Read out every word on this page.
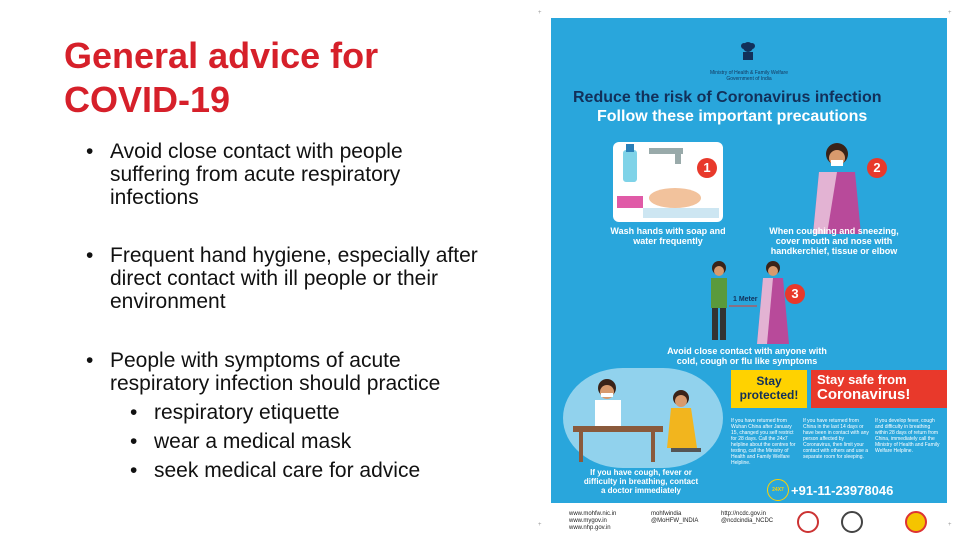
General advice for
COVID-19
• Avoid close contact with people
suffering from acute respiratory
infections
• Frequent hand hygiene, especially after
direct contact with ill people or their
environment
• People with symptoms of acute
respiratory infection should practice
• respiratory etiquette
• wear a medical mask
• seek medical care for advice
+	+
+	+
Ministry of Health & Family Welfare Government of India
Reduce the risk of Coronavirus infection
Follow these important precautions
1
Wash hands with soap and water frequently
2
When coughing and sneezing, cover mouth and nose with handkerchief, tissue or elbow
1 Meter	3
Avoid close contact with anyone with cold, cough or flu like symptoms
If you have cough, fever or difficulty in breathing, contact a doctor immediately
Stay protected!
Stay safe from
Coronavirus!
If you have returned from Wuhan China after January 15, changed you self restrict for 28 days. Call the 24x7 helpline about the centres for testing, call the Ministry of Health and Family Welfare Helpline.
If you have returned from China in the last 14 days or have been in contact with any person affected by Coronavirus, then limit your contact with others and use a separate room for sleeping.
If you develop fever, cough and difficulty in breathing within 28 days of return from China, immediately call the Ministry of Health and Family Welfare Helpline.
24X7 +91-11-23978046
www.mohfw.nic.in
www.mygov.in
www.nhp.gov.in
mohfwindia
@MoHFW_INDIA
http://ncdc.gov.in
@ncdcindia_NCDC
